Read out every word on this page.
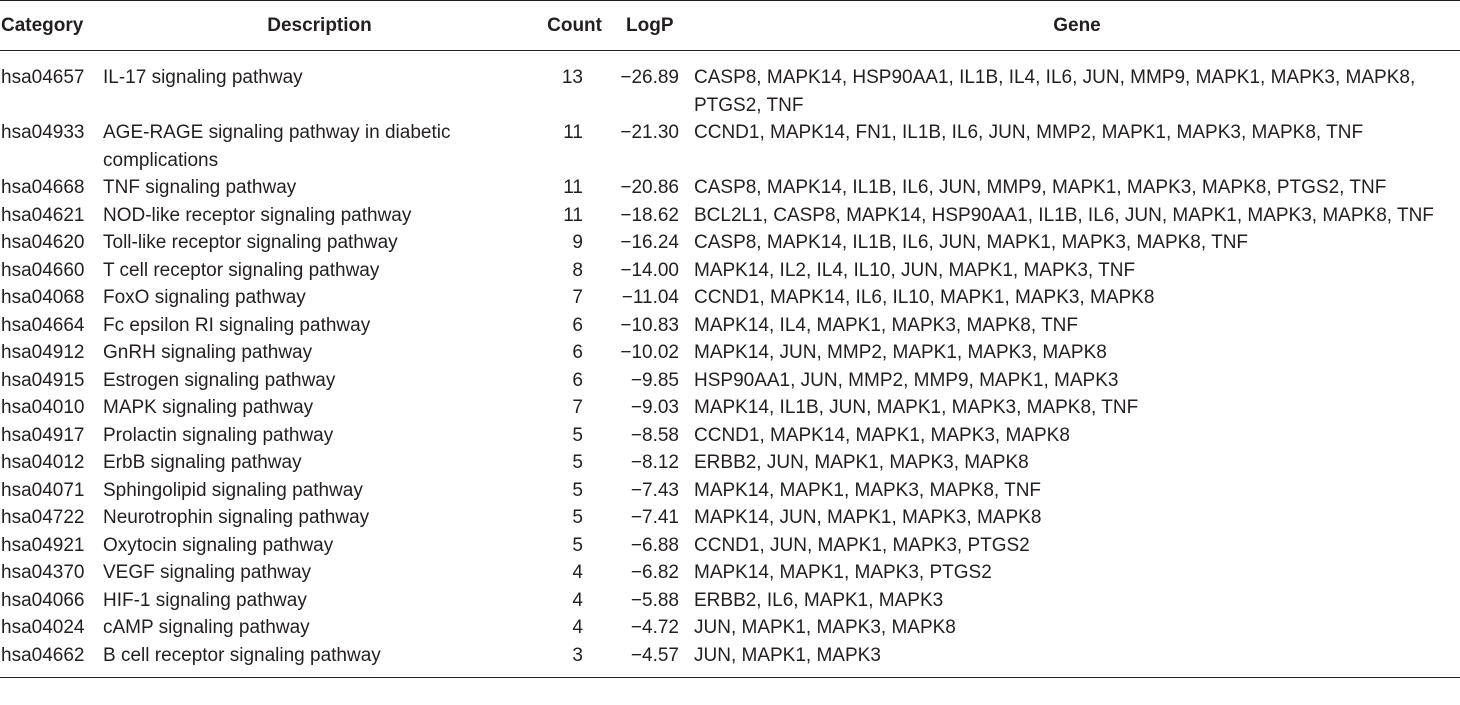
Category	Description	Count	LogP	Gene
hsa04657	IL-17 signaling pathway	13	−26.89	CASP8, MAPK14, HSP90AA1, IL1B, IL4, IL6, JUN, MMP9, MAPK1, MAPK3, MAPK8, PTGS2, TNF
hsa04933	AGE-RAGE signaling pathway in diabetic complications	11	−21.30	CCND1, MAPK14, FN1, IL1B, IL6, JUN, MMP2, MAPK1, MAPK3, MAPK8, TNF
hsa04668	TNF signaling pathway	11	−20.86	CASP8, MAPK14, IL1B, IL6, JUN, MMP9, MAPK1, MAPK3, MAPK8, PTGS2, TNF
hsa04621	NOD-like receptor signaling pathway	11	−18.62	BCL2L1, CASP8, MAPK14, HSP90AA1, IL1B, IL6, JUN, MAPK1, MAPK3, MAPK8, TNF
hsa04620	Toll-like receptor signaling pathway	9	−16.24	CASP8, MAPK14, IL1B, IL6, JUN, MAPK1, MAPK3, MAPK8, TNF
hsa04660	T cell receptor signaling pathway	8	−14.00	MAPK14, IL2, IL4, IL10, JUN, MAPK1, MAPK3, TNF
hsa04068	FoxO signaling pathway	7	−11.04	CCND1, MAPK14, IL6, IL10, MAPK1, MAPK3, MAPK8
hsa04664	Fc epsilon RI signaling pathway	6	−10.83	MAPK14, IL4, MAPK1, MAPK3, MAPK8, TNF
hsa04912	GnRH signaling pathway	6	−10.02	MAPK14, JUN, MMP2, MAPK1, MAPK3, MAPK8
hsa04915	Estrogen signaling pathway	6	−9.85	HSP90AA1, JUN, MMP2, MMP9, MAPK1, MAPK3
hsa04010	MAPK signaling pathway	7	−9.03	MAPK14, IL1B, JUN, MAPK1, MAPK3, MAPK8, TNF
hsa04917	Prolactin signaling pathway	5	−8.58	CCND1, MAPK14, MAPK1, MAPK3, MAPK8
hsa04012	ErbB signaling pathway	5	−8.12	ERBB2, JUN, MAPK1, MAPK3, MAPK8
hsa04071	Sphingolipid signaling pathway	5	−7.43	MAPK14, MAPK1, MAPK3, MAPK8, TNF
hsa04722	Neurotrophin signaling pathway	5	−7.41	MAPK14, JUN, MAPK1, MAPK3, MAPK8
hsa04921	Oxytocin signaling pathway	5	−6.88	CCND1, JUN, MAPK1, MAPK3, PTGS2
hsa04370	VEGF signaling pathway	4	−6.82	MAPK14, MAPK1, MAPK3, PTGS2
hsa04066	HIF-1 signaling pathway	4	−5.88	ERBB2, IL6, MAPK1, MAPK3
hsa04024	cAMP signaling pathway	4	−4.72	JUN, MAPK1, MAPK3, MAPK8
hsa04662	B cell receptor signaling pathway	3	−4.57	JUN, MAPK1, MAPK3
